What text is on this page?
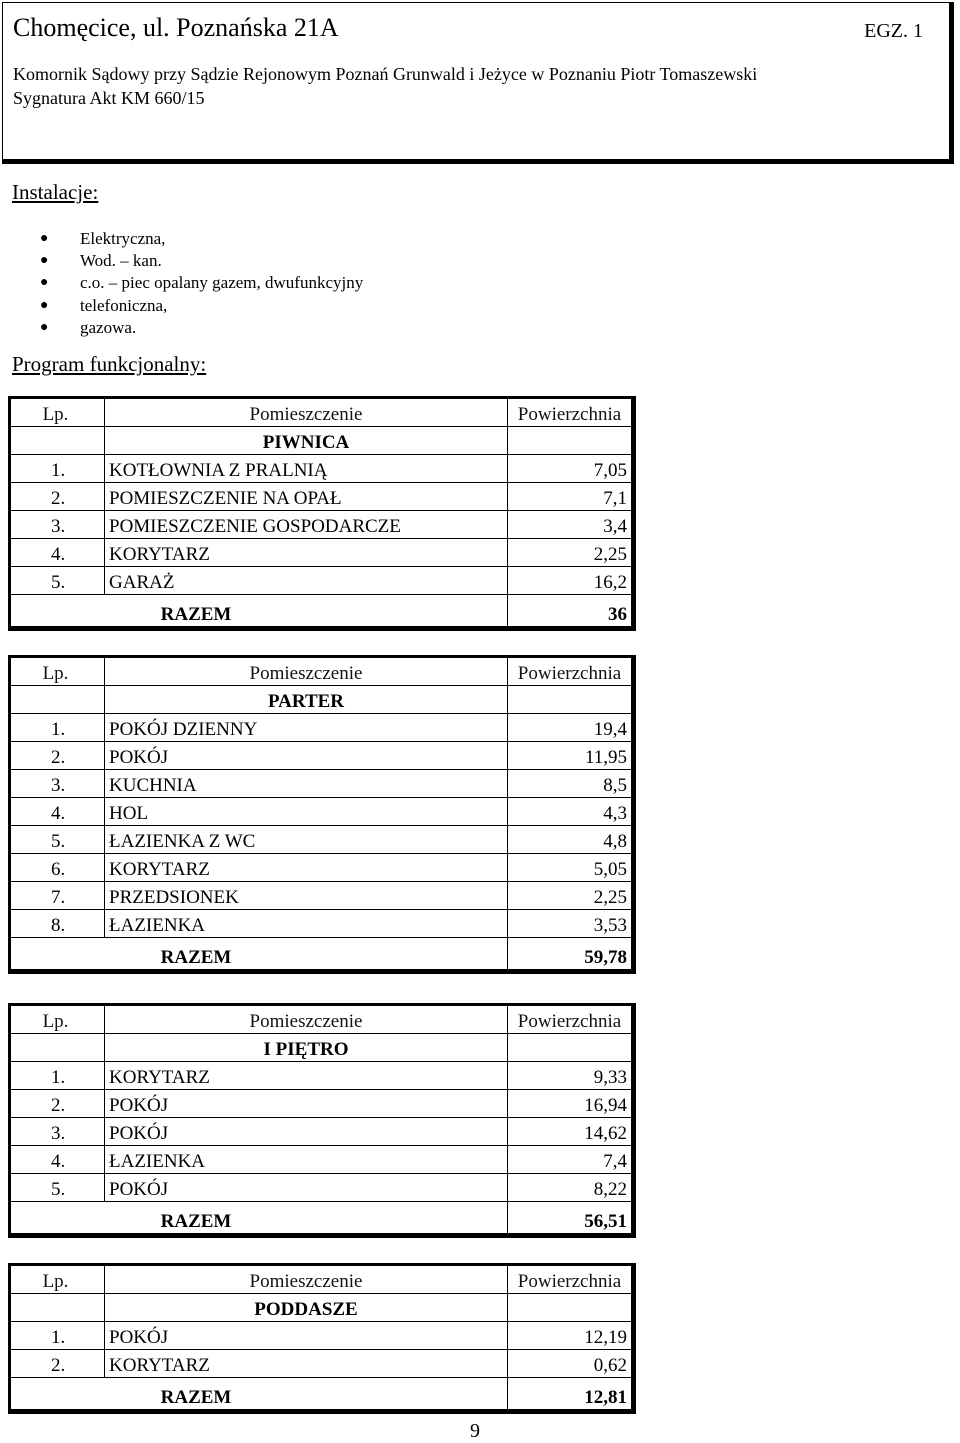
Chomęcice, ul. Poznańska 21A	EGZ. 1
Komornik Sądowy przy Sądzie Rejonowym Poznań Grunwald i Jeżyce w Poznaniu Piotr Tomaszewski
Sygnatura Akt KM 660/15
Instalacje:
●	Elektryczna,
●	Wod. – kan.
●	c.o. – piec opalany gazem, dwufunkcyjny
●	telefoniczna,
●	gazowa.
Program funkcjonalny:
Lp.	Pomieszczenie	Powierzchnia
	PIWNICA	
1.	KOTŁOWNIA Z PRALNIĄ	7,05
2.	POMIESZCZENIE NA OPAŁ	7,1
3.	POMIESZCZENIE GOSPODARCZE	3,4
4.	KORYTARZ	2,25
5.	GARAŻ	16,2
RAZEM		36
Lp.	Pomieszczenie	Powierzchnia
	PARTER	
1.	POKÓJ DZIENNY	19,4
2.	POKÓJ	11,95
3.	KUCHNIA	8,5
4.	HOL	4,3
5.	ŁAZIENKA Z WC	4,8
6.	KORYTARZ	5,05
7.	PRZEDSIONEK	2,25
8.	ŁAZIENKA	3,53
RAZEM		59,78
Lp.	Pomieszczenie	Powierzchnia
	I PIĘTRO	
1.	KORYTARZ	9,33
2.	POKÓJ	16,94
3.	POKÓJ	14,62
4.	ŁAZIENKA	7,4
5.	POKÓJ	8,22
RAZEM		56,51
Lp.	Pomieszczenie	Powierzchnia
	PODDASZE	
1.	POKÓJ	12,19
2.	KORYTARZ	0,62
RAZEM		12,81
9
